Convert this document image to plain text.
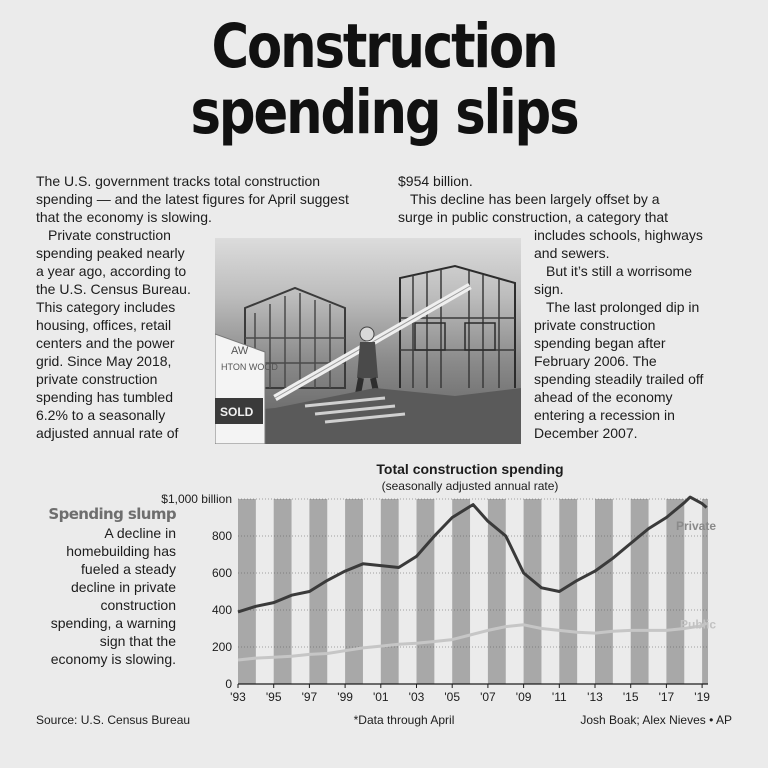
Construction
spending slips

The U.S. government tracks total construction spending — and the latest figures for April suggest that the economy is slowing.

Private construction
spending peaked nearly
a year ago, according to
the U.S. Census Bureau.
This category includes
housing, offices, retail
centers and the power
grid. Since May 2018,
private construction
spending has tumbled
6.2% to a seasonally
adjusted annual rate of
$954 billion.
This decline has been largely offset by a
surge in public construction, a category that
includes schools, highways
and sewers.
But it’s still a worrisome
sign.
The last prolonged dip in
private construction
spending began after
February 2006. The
spending steadily trailed off
ahead of the economy
entering a recession in
December 2007.
HTON WOOD
AW
SOLD
Total construction spending
(seasonally adjusted annual rate)
Spending slump
A decline in
homebuilding has
fueled a steady
decline in private
construction
spending, a warning
sign that the
economy is slowing.
0
200
400
600
800
$1,000 billion
'93 '95 '97 '99 '01 '03 '05 '07 '09 '11 '13 '15 '17 '19
Private
Public
Source: U.S. Census Bureau	*Data through April	Josh Boak; Alex Nieves • AP
